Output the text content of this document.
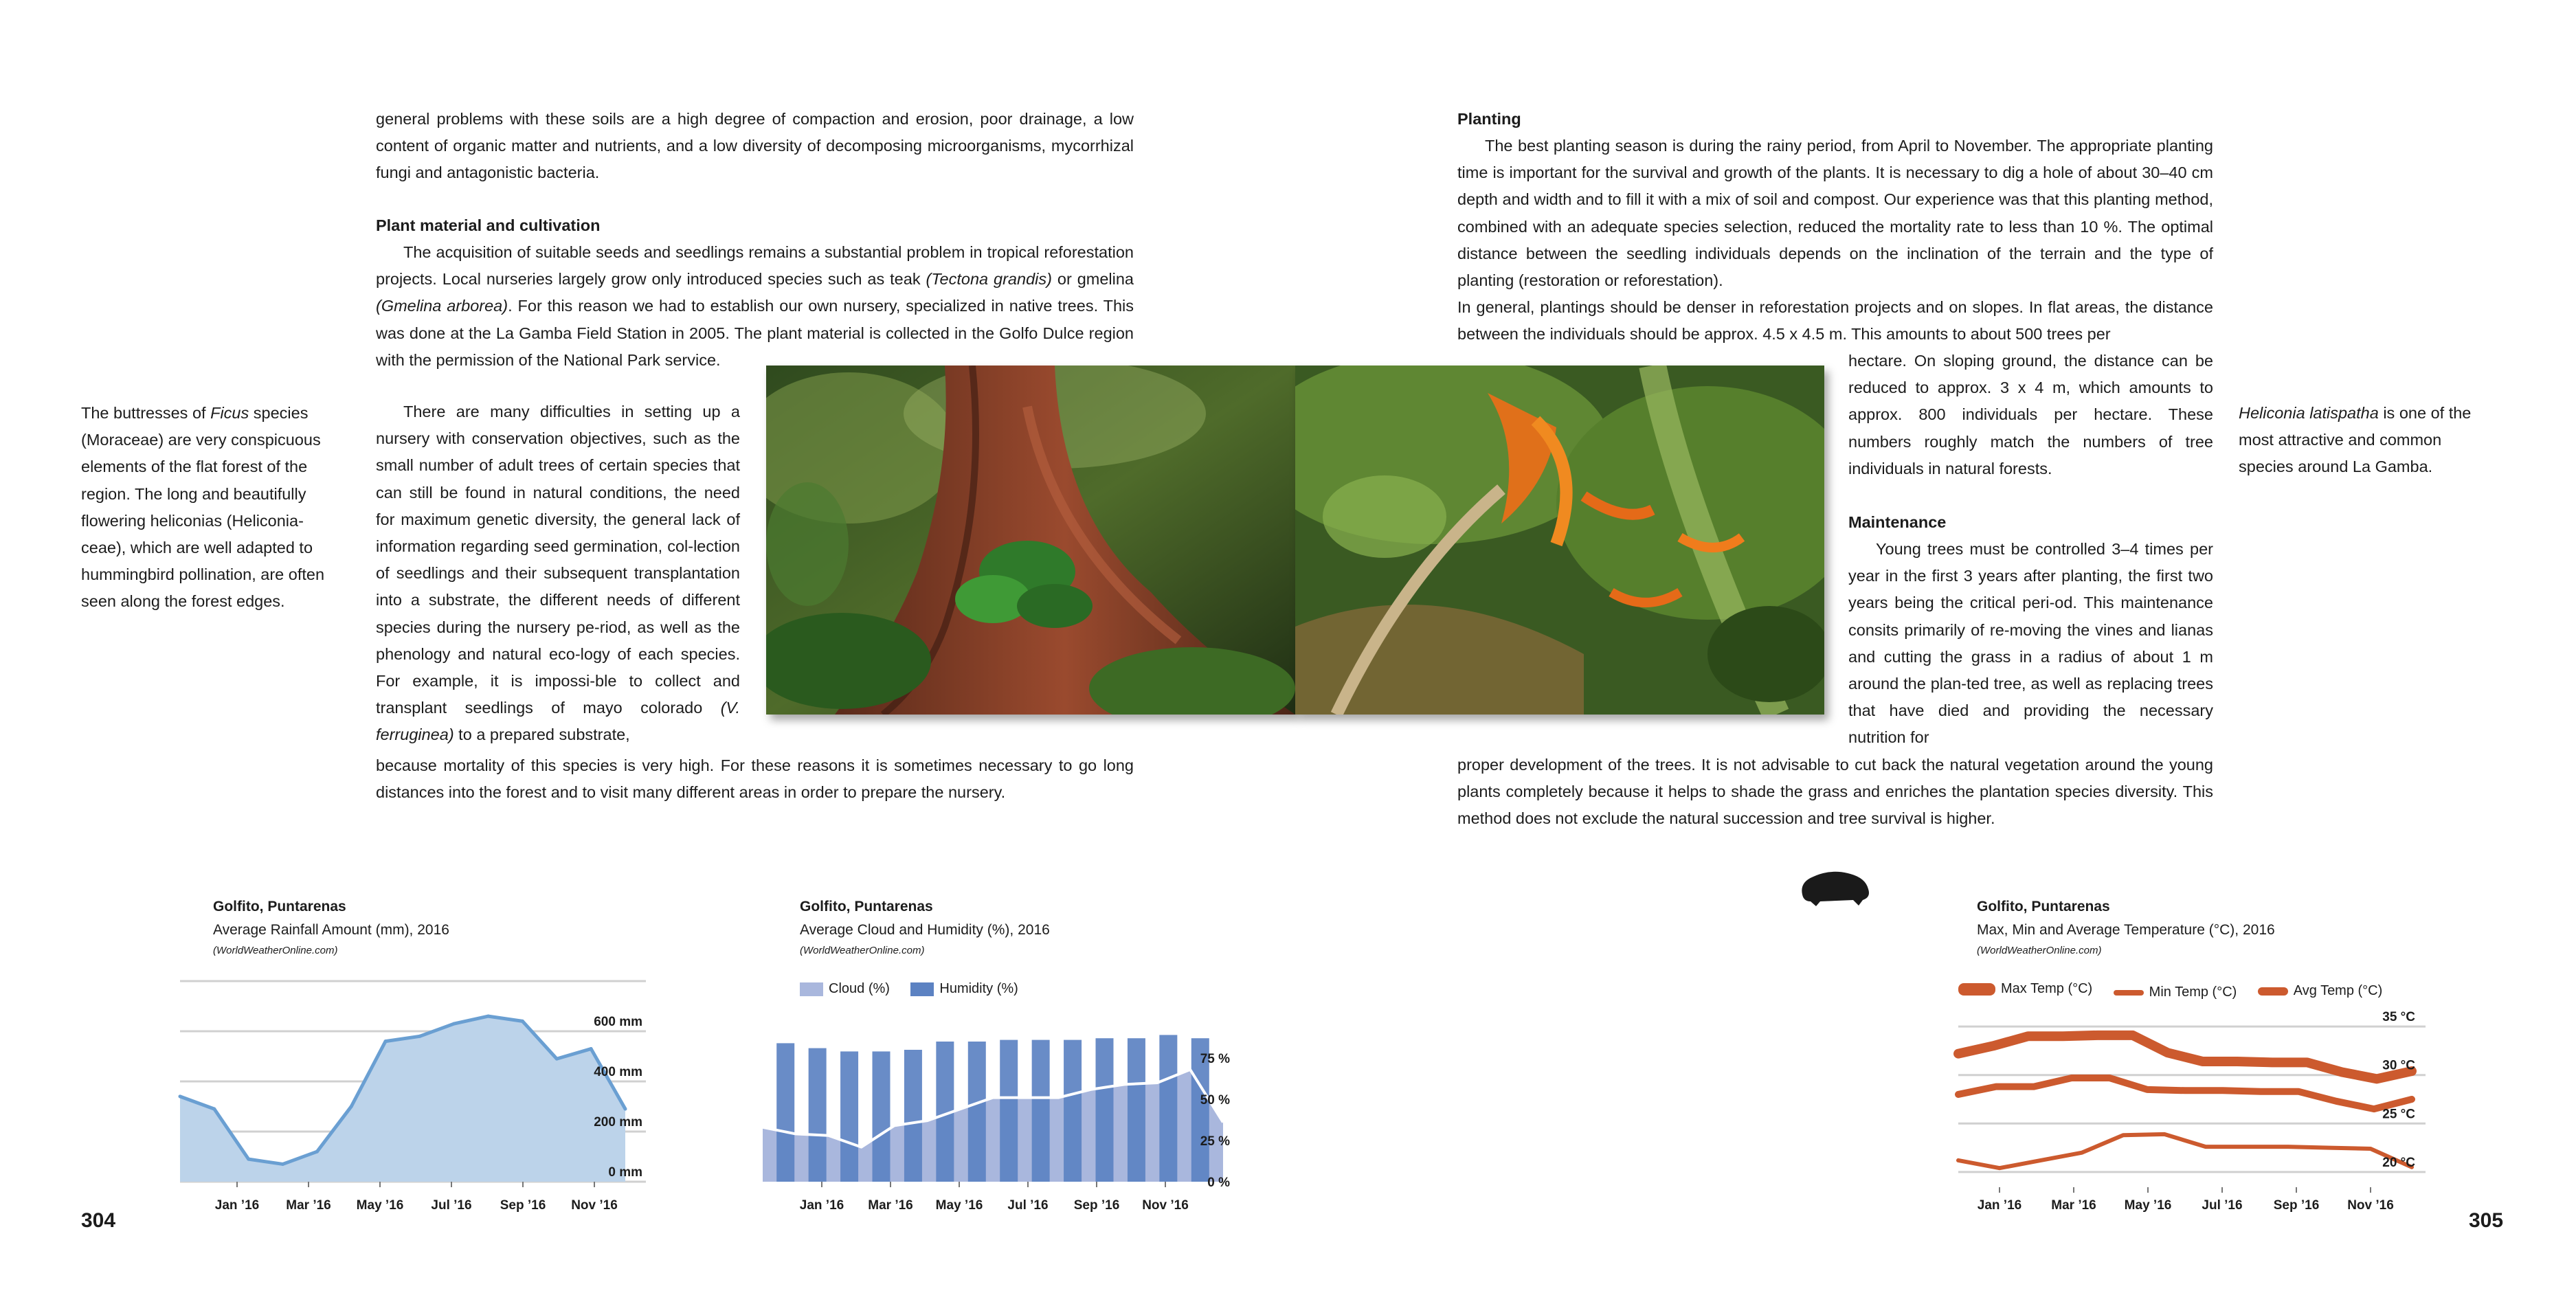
general problems with these soils are a high degree of compaction and erosion, poor drainage, a low content of organic matter and nutrients, and a low diversity of decomposing microorganisms, mycorrhizal fungi and antagonistic bacteria.

Plant material and cultivation

The acquisition of suitable seeds and seedlings remains a substantial problem in tropical reforestation projects. Local nurseries largely grow only introduced species such as teak (Tectona grandis) or gmelina (Gmelina arborea). For this reason we had to establish our own nursery, specialized in native trees. This was done at the La Gamba Field Station in 2005. The plant material is collected in the Golfo Dulce region with the permission of the National Park service.

There are many difficulties in setting up a nursery with conservation objectives, such as the small number of adult trees of certain species that can still be found in natural conditions, the need for maximum genetic diversity, the general lack of information regarding seed germination, col-lection of seedlings and their subsequent transplantation into a substrate, the different needs of different species during the nursery pe-riod, as well as the phenology and natural eco-logy of each species. For example, it is impossi-ble to collect and transplant seedlings of mayo colorado (V. ferruginea) to a prepared substrate,

because mortality of this species is very high. For these reasons it is sometimes necessary to go long distances into the forest and to visit many different areas in order to prepare the nursery.

The buttresses of Ficus species (Moraceae) are very conspicuous elements of the flat forest of the region. The long and beautifully flowering heliconias (Heliconia-ceae), which are well adapted to hummingbird pollination, are often seen along the forest edges.
304
Planting

The best planting season is during the rainy period, from April to November. The appropriate planting time is important for the survival and growth of the plants. It is necessary to dig a hole of about 30–40 cm depth and width and to fill it with a mix of soil and compost. Our experience was that this planting method, combined with an adequate species selection, reduced the mortality rate to less than 10 %. The optimal distance between the seedling individuals depends on the inclination of the terrain and the type of planting (restoration or reforestation).

In general, plantings should be denser in reforestation projects and on slopes. In flat areas, the distance between the individuals should be approx. 4.5 x 4.5 m. This amounts to about 500 trees per

hectare. On sloping ground, the distance can be reduced to approx. 3 x 4 m, which amounts to approx. 800 individuals per hectare. These numbers roughly match the numbers of tree individuals in natural forests.

Maintenance

Young trees must be controlled 3–4 times per year in the first 3 years after planting, the first two years being the critical peri-od. This maintenance consits primarily of re-moving the vines and lianas and cutting the grass in a radius of about 1 m around the plan-ted tree, as well as replacing trees that have died and providing the necessary nutrition for

proper development of the trees. It is not advisable to cut back the natural vegetation around the young plants completely because it helps to shade the grass and enriches the plantation species diversity. This method does not exclude the natural succession and tree survival is higher.

Heliconia latispatha is one of the most attractive and common species around La Gamba.
305
Golfito, Puntarenas
Average Rainfall Amount (mm), 2016
(WorldWeatherOnline.com)
0 mm
200 mm
400 mm
600 mm
Jan ’16 Mar ’16 May ’16 Jul ’16 Sep ’16 Nov ’16
Golfito, Puntarenas
Average Cloud and Humidity (%), 2016
(WorldWeatherOnline.com)
Cloud (%)
	Humidity (%)
0 %
25 %
50 %
75 %
Jan ’16 Mar ’16 May ’16 Jul ’16 Sep ’16 Nov ’16
Golfito, Puntarenas
Max, Min and Average Temperature (°C), 2016
(WorldWeatherOnline.com)
Max Temp (°C)
	Min Temp (°C)
	Avg Temp (°C)
20 °C
25 °C
30 °C
35 °C
Jan ’16 Mar ’16 May ’16 Jul ’16 Sep ’16 Nov ’16
